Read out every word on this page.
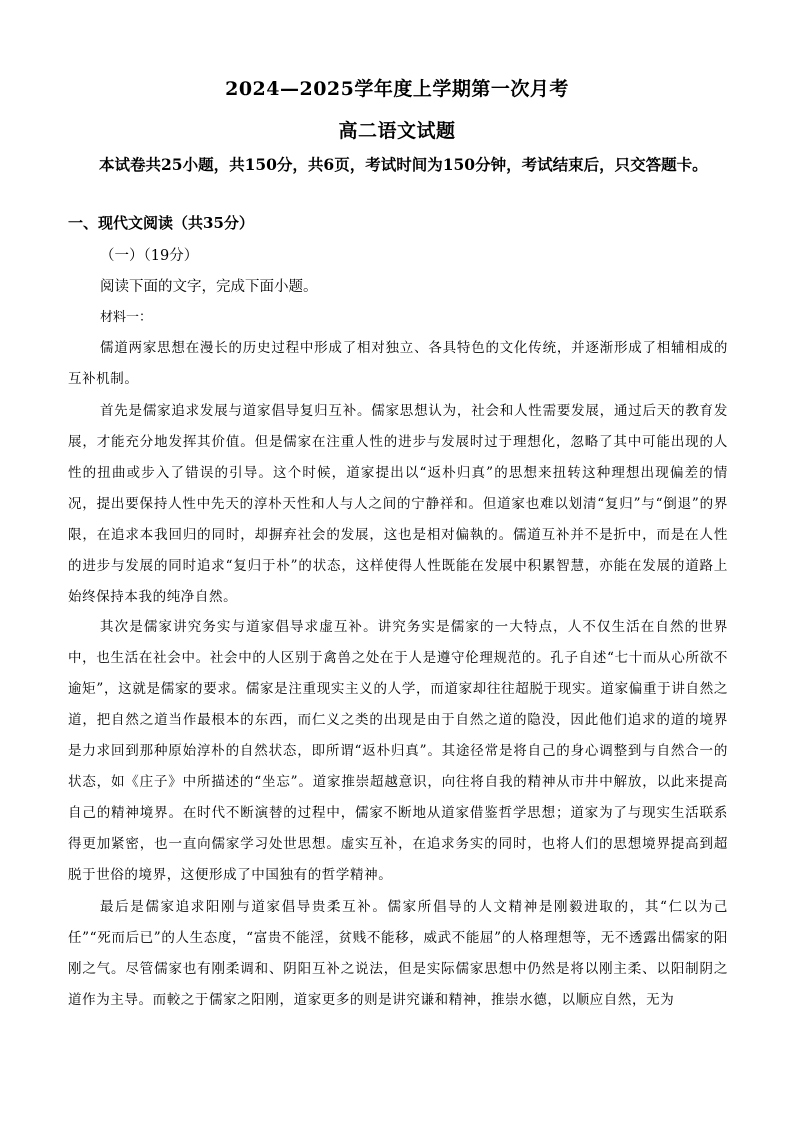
2024—2025学年度上学期第一次月考
高二语文试题
本试卷共25小题，共150分，共6页，考试时间为150分钟，考试结束后，只交答题卡。
一、现代文阅读（共35分）
（一）（19分）
阅读下面的文字，完成下面小题。
材料一：
儒道两家思想在漫长的历史过程中形成了相对独立、各具特色的文化传统，并逐渐形成了相辅相成的互补机制。
首先是儒家追求发展与道家倡导复归互补。儒家思想认为，社会和人性需要发展，通过后天的教育发展，才能充分地发挥其价值。但是儒家在注重人性的进步与发展时过于理想化，忽略了其中可能出现的人性的扭曲或步入了错误的引导。这个时候，道家提出以“返朴归真”的思想来扭转这种理想出现偏差的情况，提出要保持人性中先天的淳朴天性和人与人之间的宁静祥和。但道家也难以划清“复归”与“倒退”的界限，在追求本我回归的同时，却摒弃社会的发展，这也是相对偏執的。儒道互补并不是折中，而是在人性的进步与发展的同时追求“复归于朴”的状态，这样使得人性既能在发展中积累智慧，亦能在发展的道路上始终保持本我的纯净自然。
其次是儒家讲究务实与道家倡导求虚互补。讲究务实是儒家的一大特点，人不仅生活在自然的世界中，也生活在社会中。社会中的人区别于禽兽之处在于人是遵守伦理规范的。孔子自述“七十而从心所欲不逾矩”，这就是儒家的要求。儒家是注重现实主义的人学，而道家却往往超脱于现实。道家偏重于讲自然之道，把自然之道当作最根本的东西，而仁义之类的出现是由于自然之道的隐没，因此他们追求的道的境界是力求回到那种原始淳朴的自然状态，即所谓“返朴归真”。其途径常是将自己的身心调整到与自然合一的状态，如《庄子》中所描述的“坐忘”。道家推崇超越意识，向往将自我的精神从市井中解放，以此来提高自己的精神境界。在时代不断演替的过程中，儒家不断地从道家借鉴哲学思想；道家为了与现实生活联系得更加紧密，也一直向儒家学习处世思想。虚实互补，在追求务实的同时，也将人们的思想境界提高到超脱于世俗的境界，这便形成了中国独有的哲学精神。
最后是儒家追求阳刚与道家倡导贵柔互补。儒家所倡导的人文精神是刚毅进取的，其“仁以为己任”“死而后已”的人生态度，“富贵不能淫，贫贱不能移，威武不能屈”的人格理想等，无不透露出儒家的阳刚之气。尽管儒家也有刚柔调和、阴阳互补之说法，但是实际儒家思想中仍然是将以刚主柔、以阳制阴之道作为主导。而較之于儒家之阳刚，道家更多的则是讲究谦和精神，推崇水德，以顺应自然，无为
